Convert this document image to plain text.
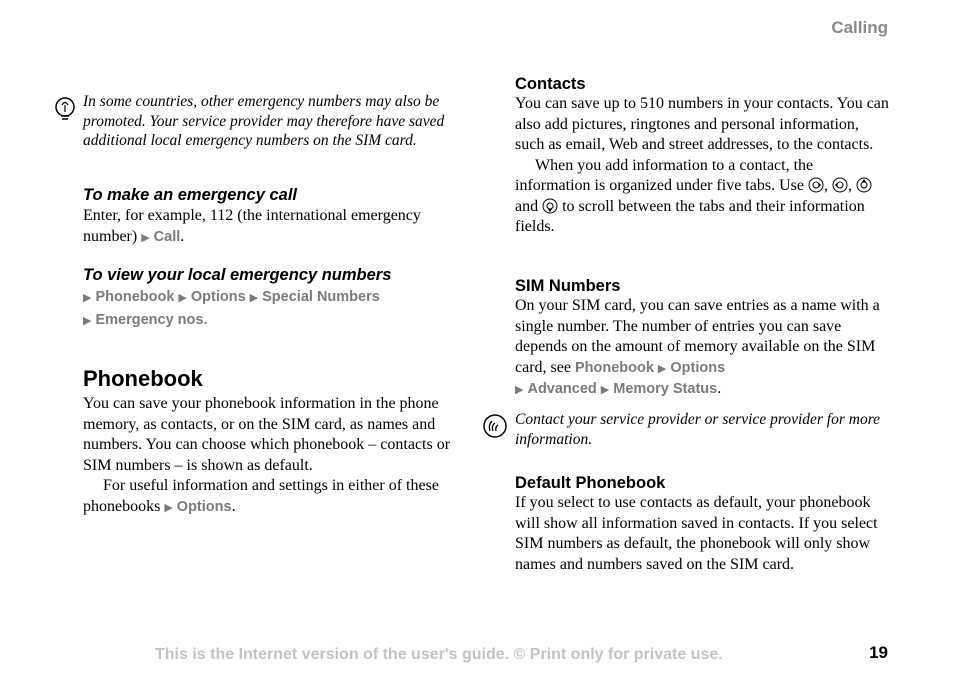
Calling

In some countries, other emergency numbers may also be promoted. Your service provider may therefore have saved additional local emergency numbers on the SIM card.

To make an emergency call

Enter, for example, 112 (the international emergency number) ▶ Call.

To view your local emergency numbers

▶ Phonebook ▶ Options ▶ Special Numbers
▶ Emergency nos.

Phonebook

You can save your phonebook information in the phone memory, as contacts, or on the SIM card, as names and numbers. You can choose which phonebook – contacts or SIM numbers – is shown as default.

For useful information and settings in either of these phonebooks ▶ Options.

Contacts

You can save up to 510 numbers in your contacts. You can also add pictures, ringtones and personal information, such as email, Web and street addresses, to the contacts.

When you add information to a contact, the information is organized under five tabs. Use , ,  and to scroll between the tabs and their information fields.

SIM Numbers

On your SIM card, you can save entries as a name with a single number. The number of entries you can save depends on the amount of memory available on the SIM card, see Phonebook ▶ Options
▶ Advanced ▶ Memory Status.

Contact your service provider or service provider for more information.

Default Phonebook

If you select to use contacts as default, your phonebook will show all information saved in contacts. If you select SIM numbers as default, the phonebook will only show names and numbers saved on the SIM card.

This is the Internet version of the user's guide. © Print only for private use.	19
